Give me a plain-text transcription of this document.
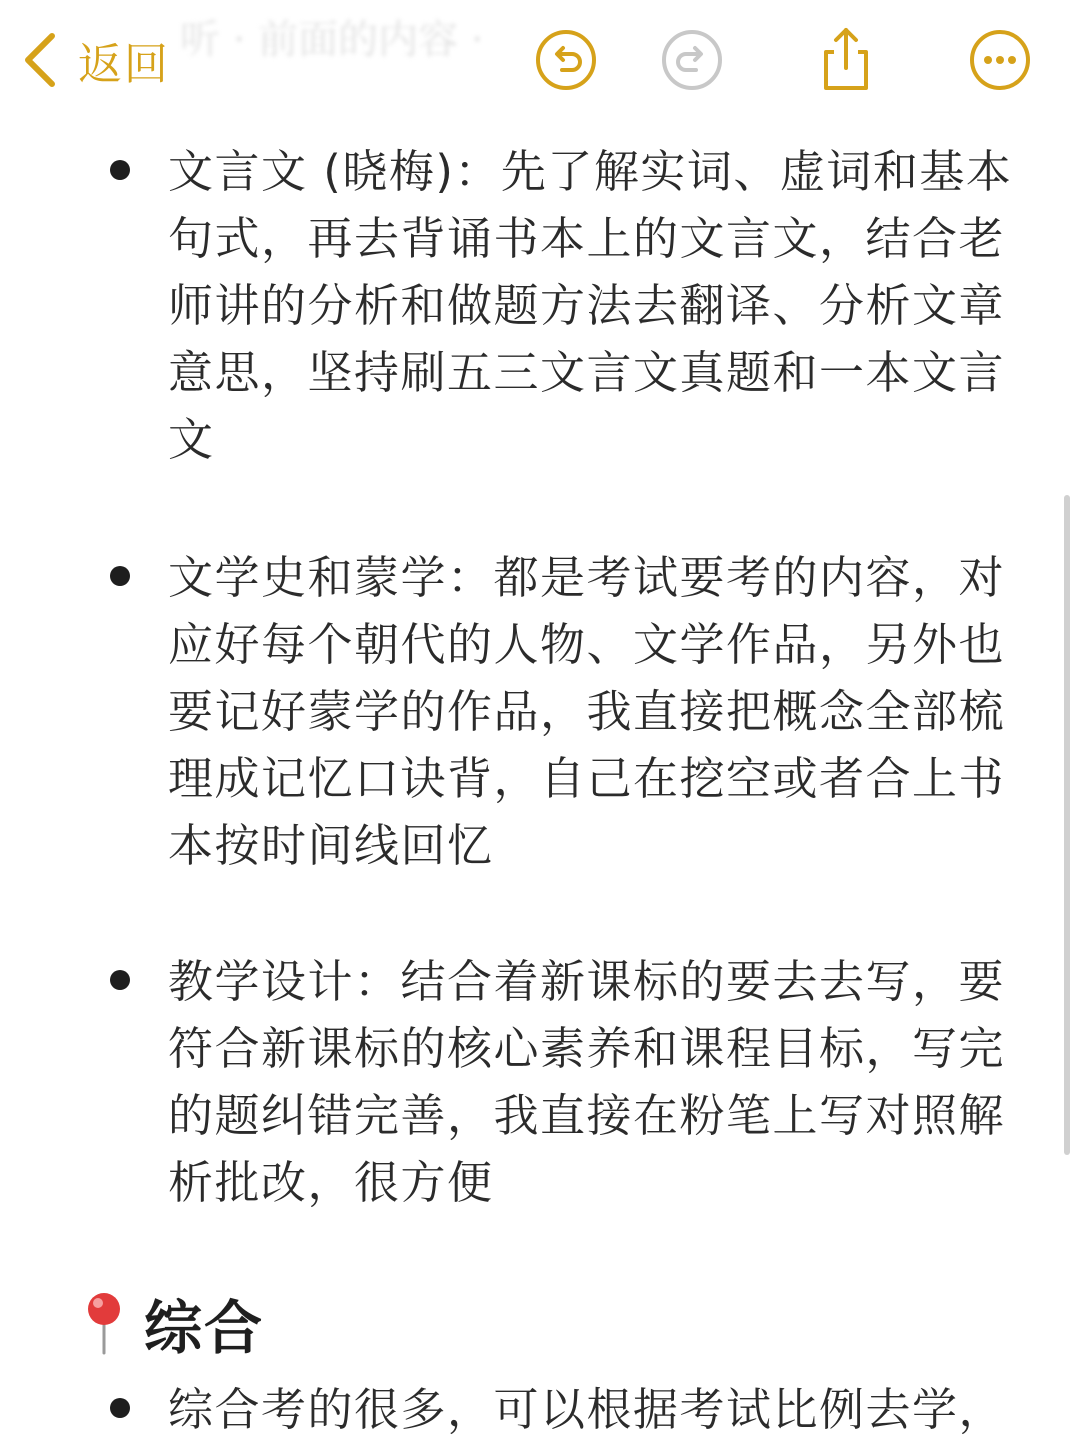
听 · 前面的内容 ·
返回
文言文 (晓梅)：先了解实词、虚词和基本句式，再去背诵书本上的文言文，结合老师讲的分析和做题方法去翻译、分析文章意思，坚持刷五三文言文真题和一本文言文
文学史和蒙学：都是考试要考的内容，对应好每个朝代的人物、文学作品，另外也要记好蒙学的作品，我直接把概念全部梳理成记忆口诀背，自己在挖空或者合上书本按时间线回忆
教学设计：结合着新课标的要去去写，要符合新课标的核心素养和课程目标，写完的题纠错完善，我直接在粉笔上写对照解析批改，很方便
综合
综合考的很多，可以根据考试比例去学，
